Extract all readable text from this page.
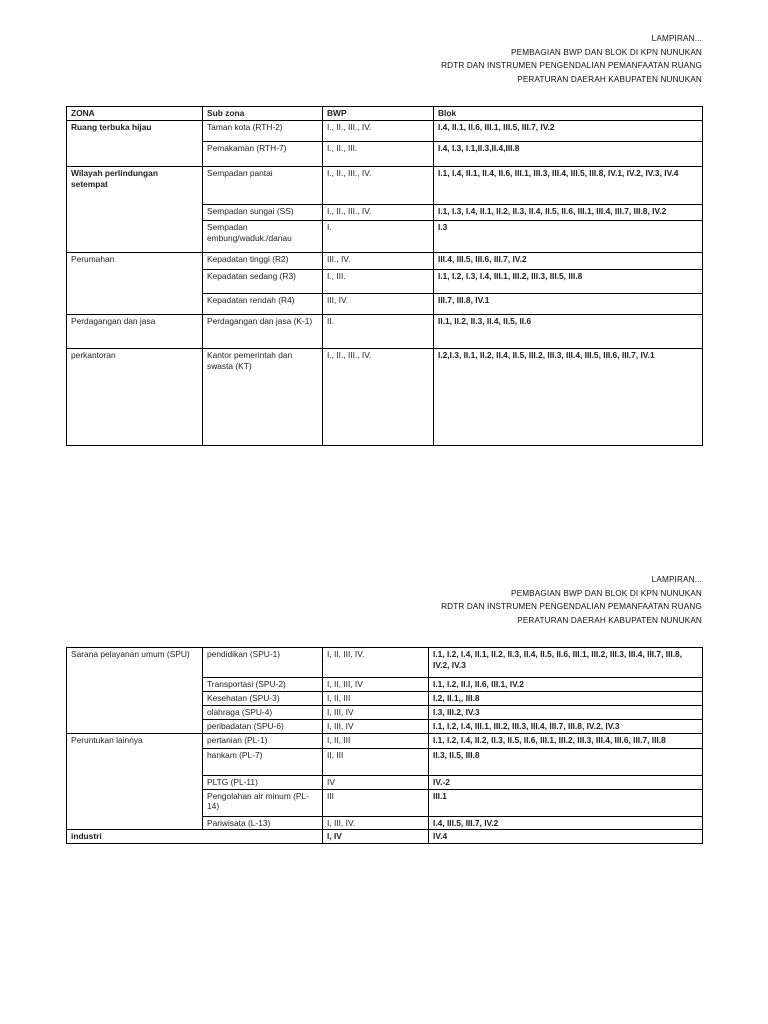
LAMPIRAN...
PEMBAGIAN BWP DAN BLOK DI KPN NUNUKAN
RDTR DAN INSTRUMEN PENGENDALIAN PEMANFAATAN RUANG
PERATURAN DAERAH KABUPATEN NUNUKAN
ZONA	Sub zona	BWP	Blok
Ruang terbuka hijau	Taman kota (RTH-2)	I., II., III., IV.	I.4, II.1, II.6, III.1, III.5, III.7, IV.2
	Pemakaman (RTH-7)	I., II., III.	I.4, I.3, I.1,II.3,II.4,III.8
Wilayah perlindungan setempat	Sempadan pantai	I., II., III., IV.	I.1, I.4, II.1, II.4, II.6, III.1, III.3, III.4, III.5, III.8, IV.1, IV.2, IV.3, IV.4
	Sempadan sungai (SS)	I., II., III., IV.	I.1, I.3, I.4, II.1, II.2, II.3, II.4, II.5, II.6, III.1, III.4, III.7, III.8, IV.2
	Sempadan embung/waduk./danau	I.	I.3
Perumahan	Kepadatan tinggi (R2)	III., IV.	III.4, III.5, III.6, III.7, IV.2
	Kepadatan sedang (R3)	I., III.	I.1, I.2, I.3, I.4, III.1, III.2, III.3, III.5, III.8
	Kepadatan rendah (R4)	III, IV.	III.7, III.8, IV.1
Perdagangan dan jasa	Perdagangan dan jasa (K-1)	II.	II.1, II.2, II.3, II.4, II.5, II.6
perkantoran	Kantor pemerintah dan swasta (KT)	I., II., III., IV.	I.2,I.3, II.1, II.2, II.4, II.5, III.2, III.3, III.4, III.5, III.6, III.7, IV.1
LAMPIRAN...
PEMBAGIAN BWP DAN BLOK DI KPN NUNUKAN
RDTR DAN INSTRUMEN PENGENDALIAN PEMANFAATAN RUANG
PERATURAN DAERAH KABUPATEN NUNUKAN
Sarana pelayanan umum (SPU)	pendidikan (SPU-1)	I, II, III, IV.	I.1, I.2, I.4, II.1, II.2, II.3, II.4, II.5, II.6, III.1, III.2, III.3, III.4, III.7, III.8, IV.2, IV.3
	Transportasi (SPU-2)	I, II, III, IV	I.1, I.2, II.I, II.6, III.1, IV.2
	Kesehatan (SPU-3)	I, II, III	I.2, II.1,, III.8
	olahraga (SPU-4)	I, III, IV	I.3, III.2, IV.3
	peribadatan (SPU-6)	I, III, IV	I.1, I.2, I.4, III.1, III.2, III.3, III.4, III.7, III.8, IV.2, IV.3
Peruntukan lainnya	pertanian (PL-1)	I, II, III	I.1, I.2, I.4, II.2, II.3, II.5, II.6, III.1, III.2, III.3, III.4, III.6, III.7, III.8
	hankam (PL-7)	II, III	II.3, II.5, III.8
	PLTG (PL-11)	IV	IV.-2
	Pengolahan air minum (PL-14)	III	III.1
	Pariwisata (L-13)	I, III, IV.	I.4, III.5, III.7, IV.2
industri		I, IV	IV.4
